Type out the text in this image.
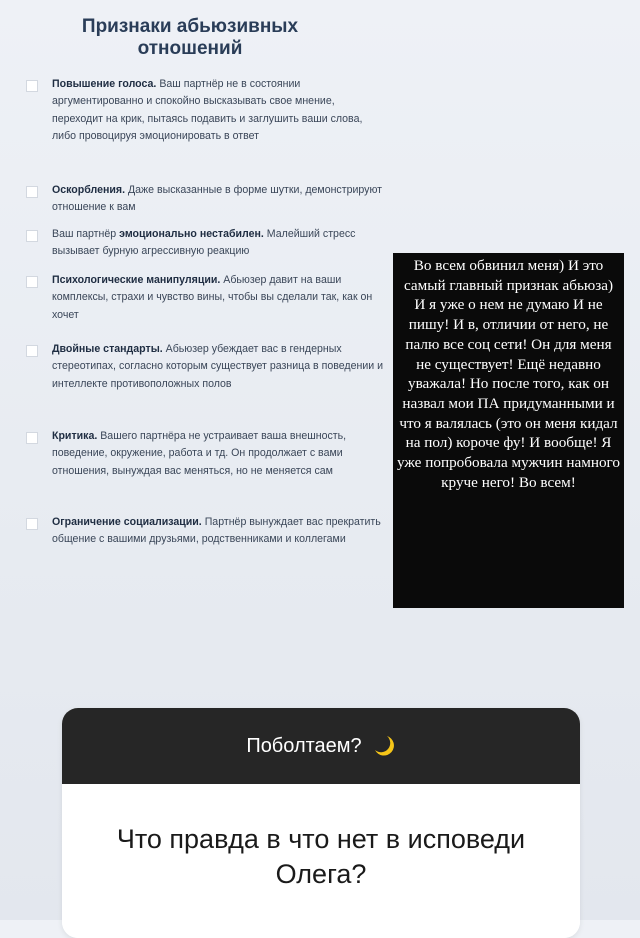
Признаки абьюзивных отношений
Повышение голоса. Ваш партнёр не в состоянии аргументированно и спокойно высказывать свое мнение, переходит на крик, пытаясь подавить и заглушить ваши слова, либо провоцируя эмоционировать в ответ
Оскорбления. Даже высказанные в форме шутки, демонстрируют отношение к вам
Ваш партнёр эмоционально нестабилен. Малейший стресс вызывает бурную агрессивную реакцию
Психологические манипуляции. Абьюзер давит на ваши комплексы, страхи и чувство вины, чтобы вы сделали так, как он хочет
Двойные стандарты. Абьюзер убеждает вас в гендерных стереотипах, согласно которым существует разница в поведении и интеллекте противоположных полов
Критика. Вашего партнёра не устраивает ваша внешность, поведение, окружение, работа и тд. Он продолжает с вами отношения, вынуждая вас меняться, но не меняется сам
Ограничение социализации. Партнёр вынуждает вас прекратить общение с вашими друзьями, родственниками и коллегами

Во всем обвинил меня) И это самый главный признак абьюза) И я уже о нем не думаю И не пишу! И в, отличии от него, не палю все соц сети! Он для меня не существует! Ещё недавно уважала! Но после того, как он назвал мои ПА придуманными и что я валялась (это он меня кидал на пол) короче фу! И вообще! Я уже попробовала мужчин намного круче него! Во всем!

Поболтаем?

Что правда в что нет в исповеди Олега?
